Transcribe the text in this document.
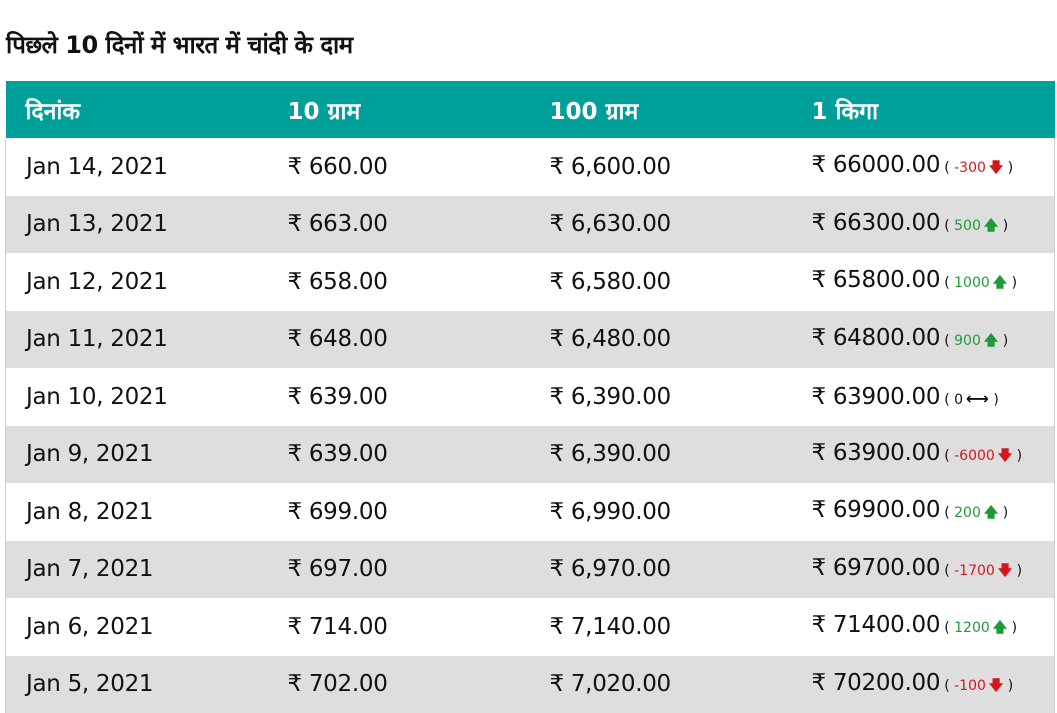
पिछले 10 दिनों में भारत में चांदी के दाम
दिनांक	10 ग्राम	100 ग्राम	1 किगा
Jan 14, 2021	₹ 660.00	₹ 6,600.00	₹ 66000.00 ( -300 🡇 )
Jan 13, 2021	₹ 663.00	₹ 6,630.00	₹ 66300.00 ( 500 🡅 )
Jan 12, 2021	₹ 658.00	₹ 6,580.00	₹ 65800.00 ( 1000 🡅 )
Jan 11, 2021	₹ 648.00	₹ 6,480.00	₹ 64800.00 ( 900 🡅 )
Jan 10, 2021	₹ 639.00	₹ 6,390.00	₹ 63900.00 ( 0 ⟷ )
Jan 9, 2021	₹ 639.00	₹ 6,390.00	₹ 63900.00 ( -6000 🡇 )
Jan 8, 2021	₹ 699.00	₹ 6,990.00	₹ 69900.00 ( 200 🡅 )
Jan 7, 2021	₹ 697.00	₹ 6,970.00	₹ 69700.00 ( -1700 🡇 )
Jan 6, 2021	₹ 714.00	₹ 7,140.00	₹ 71400.00 ( 1200 🡅 )
Jan 5, 2021	₹ 702.00	₹ 7,020.00	₹ 70200.00 ( -100 🡇 )
